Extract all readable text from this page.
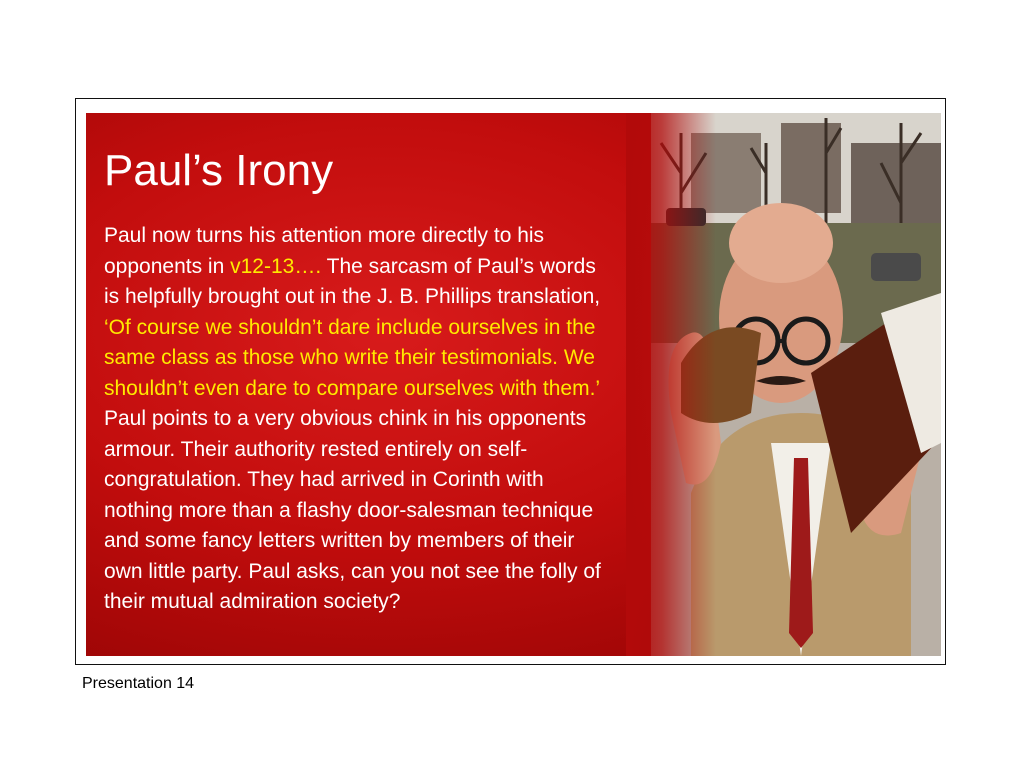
Paul’s Irony
Paul now turns his attention more directly to his opponents in v12-13…. The sarcasm of Paul’s words is helpfully brought out in the J. B. Phillips translation, ‘Of course we shouldn’t dare include ourselves in the same class as those who write their testimonials. We shouldn’t even dare to compare ourselves with them.’ Paul points to a very obvious chink in his opponents armour. Their authority rested entirely on self-congratulation. They had arrived in Corinth with nothing more than a flashy door-salesman technique and some fancy letters written by members of their own little party. Paul asks, can you not see the folly of their mutual admiration society?
Presentation 14
